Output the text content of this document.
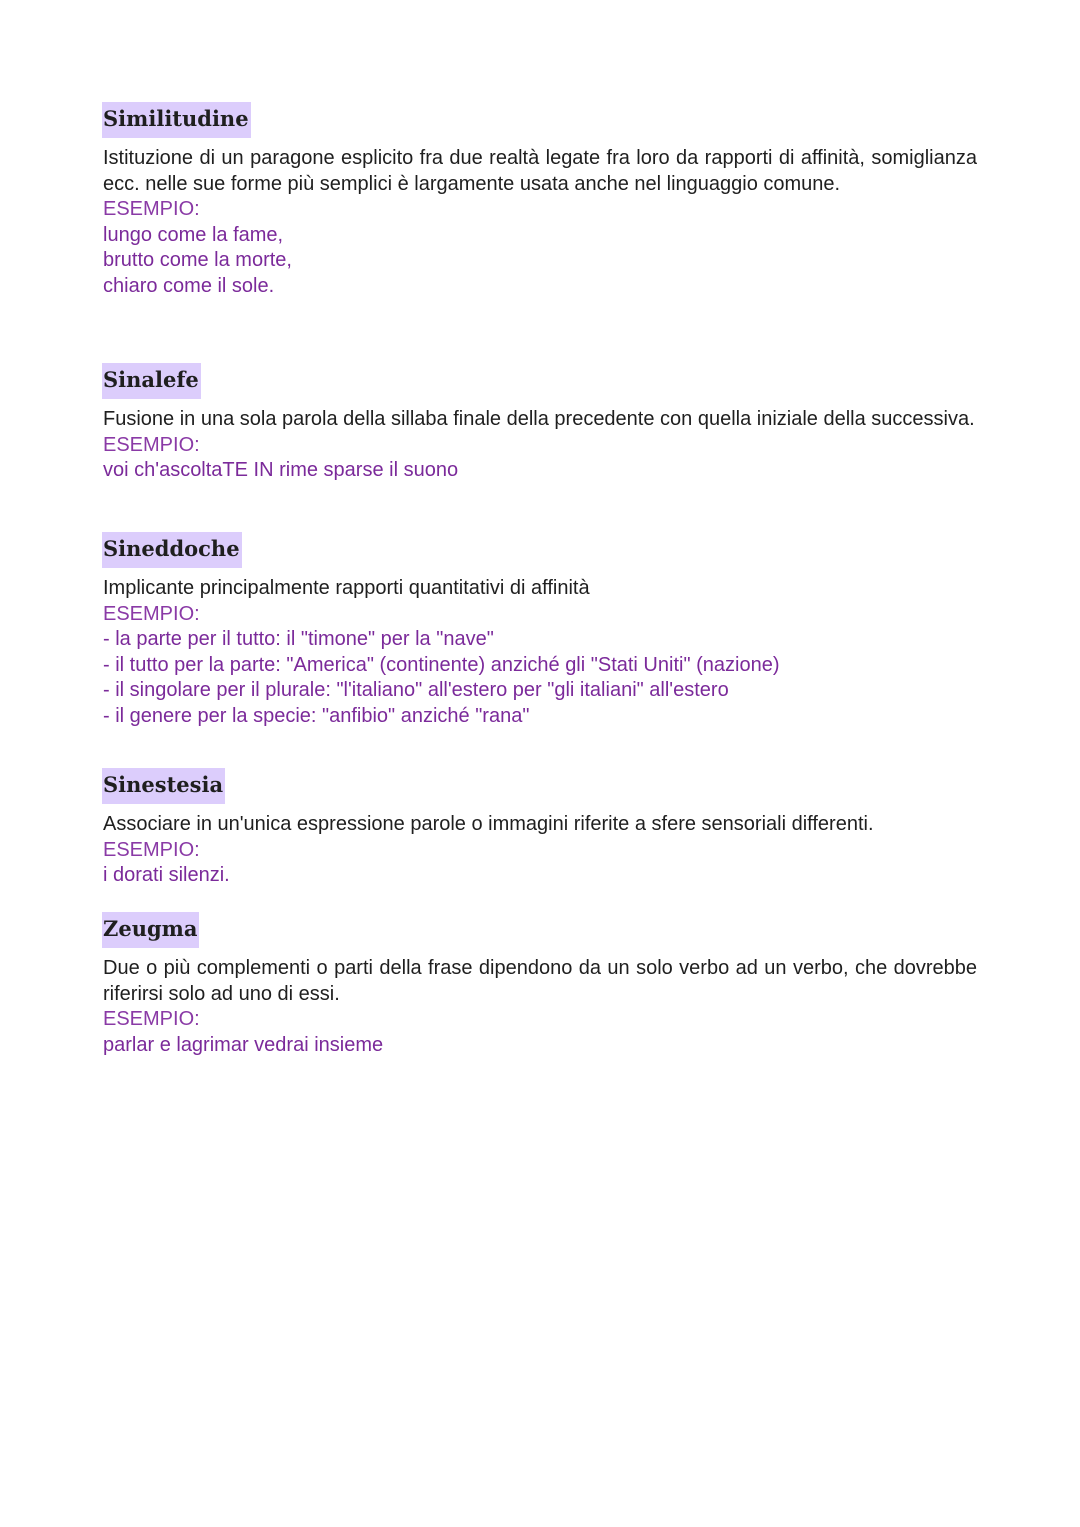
Similitudine
Istituzione di un paragone esplicito fra due realtà legate fra loro da rapporti di affinità, somiglianza ecc. nelle sue forme più semplici è largamente usata anche nel linguaggio comune.
ESEMPIO:
lungo come la fame,
brutto come la morte,
chiaro come il sole.
Sinalefe
Fusione in una sola parola della sillaba finale della precedente con quella iniziale della successiva.
ESEMPIO:
voi ch'ascoltaTE IN rime sparse il suono
Sineddoche
Implicante principalmente rapporti quantitativi di affinità
ESEMPIO:
- la parte per il tutto: il "timone" per la "nave"
- il tutto per la parte: "America" (continente) anziché gli "Stati Uniti" (nazione)
- il singolare per il plurale: "l'italiano" all'estero per "gli italiani" all'estero
- il genere per la specie: "anfibio" anziché "rana"
Sinestesia
Associare in un'unica espressione parole o immagini riferite a sfere sensoriali differenti.
ESEMPIO:
i dorati silenzi.
Zeugma
Due o più complementi o parti della frase dipendono da un solo verbo ad un verbo, che dovrebbe riferirsi solo ad uno di essi.
ESEMPIO:
parlar e lagrimar vedrai insieme
